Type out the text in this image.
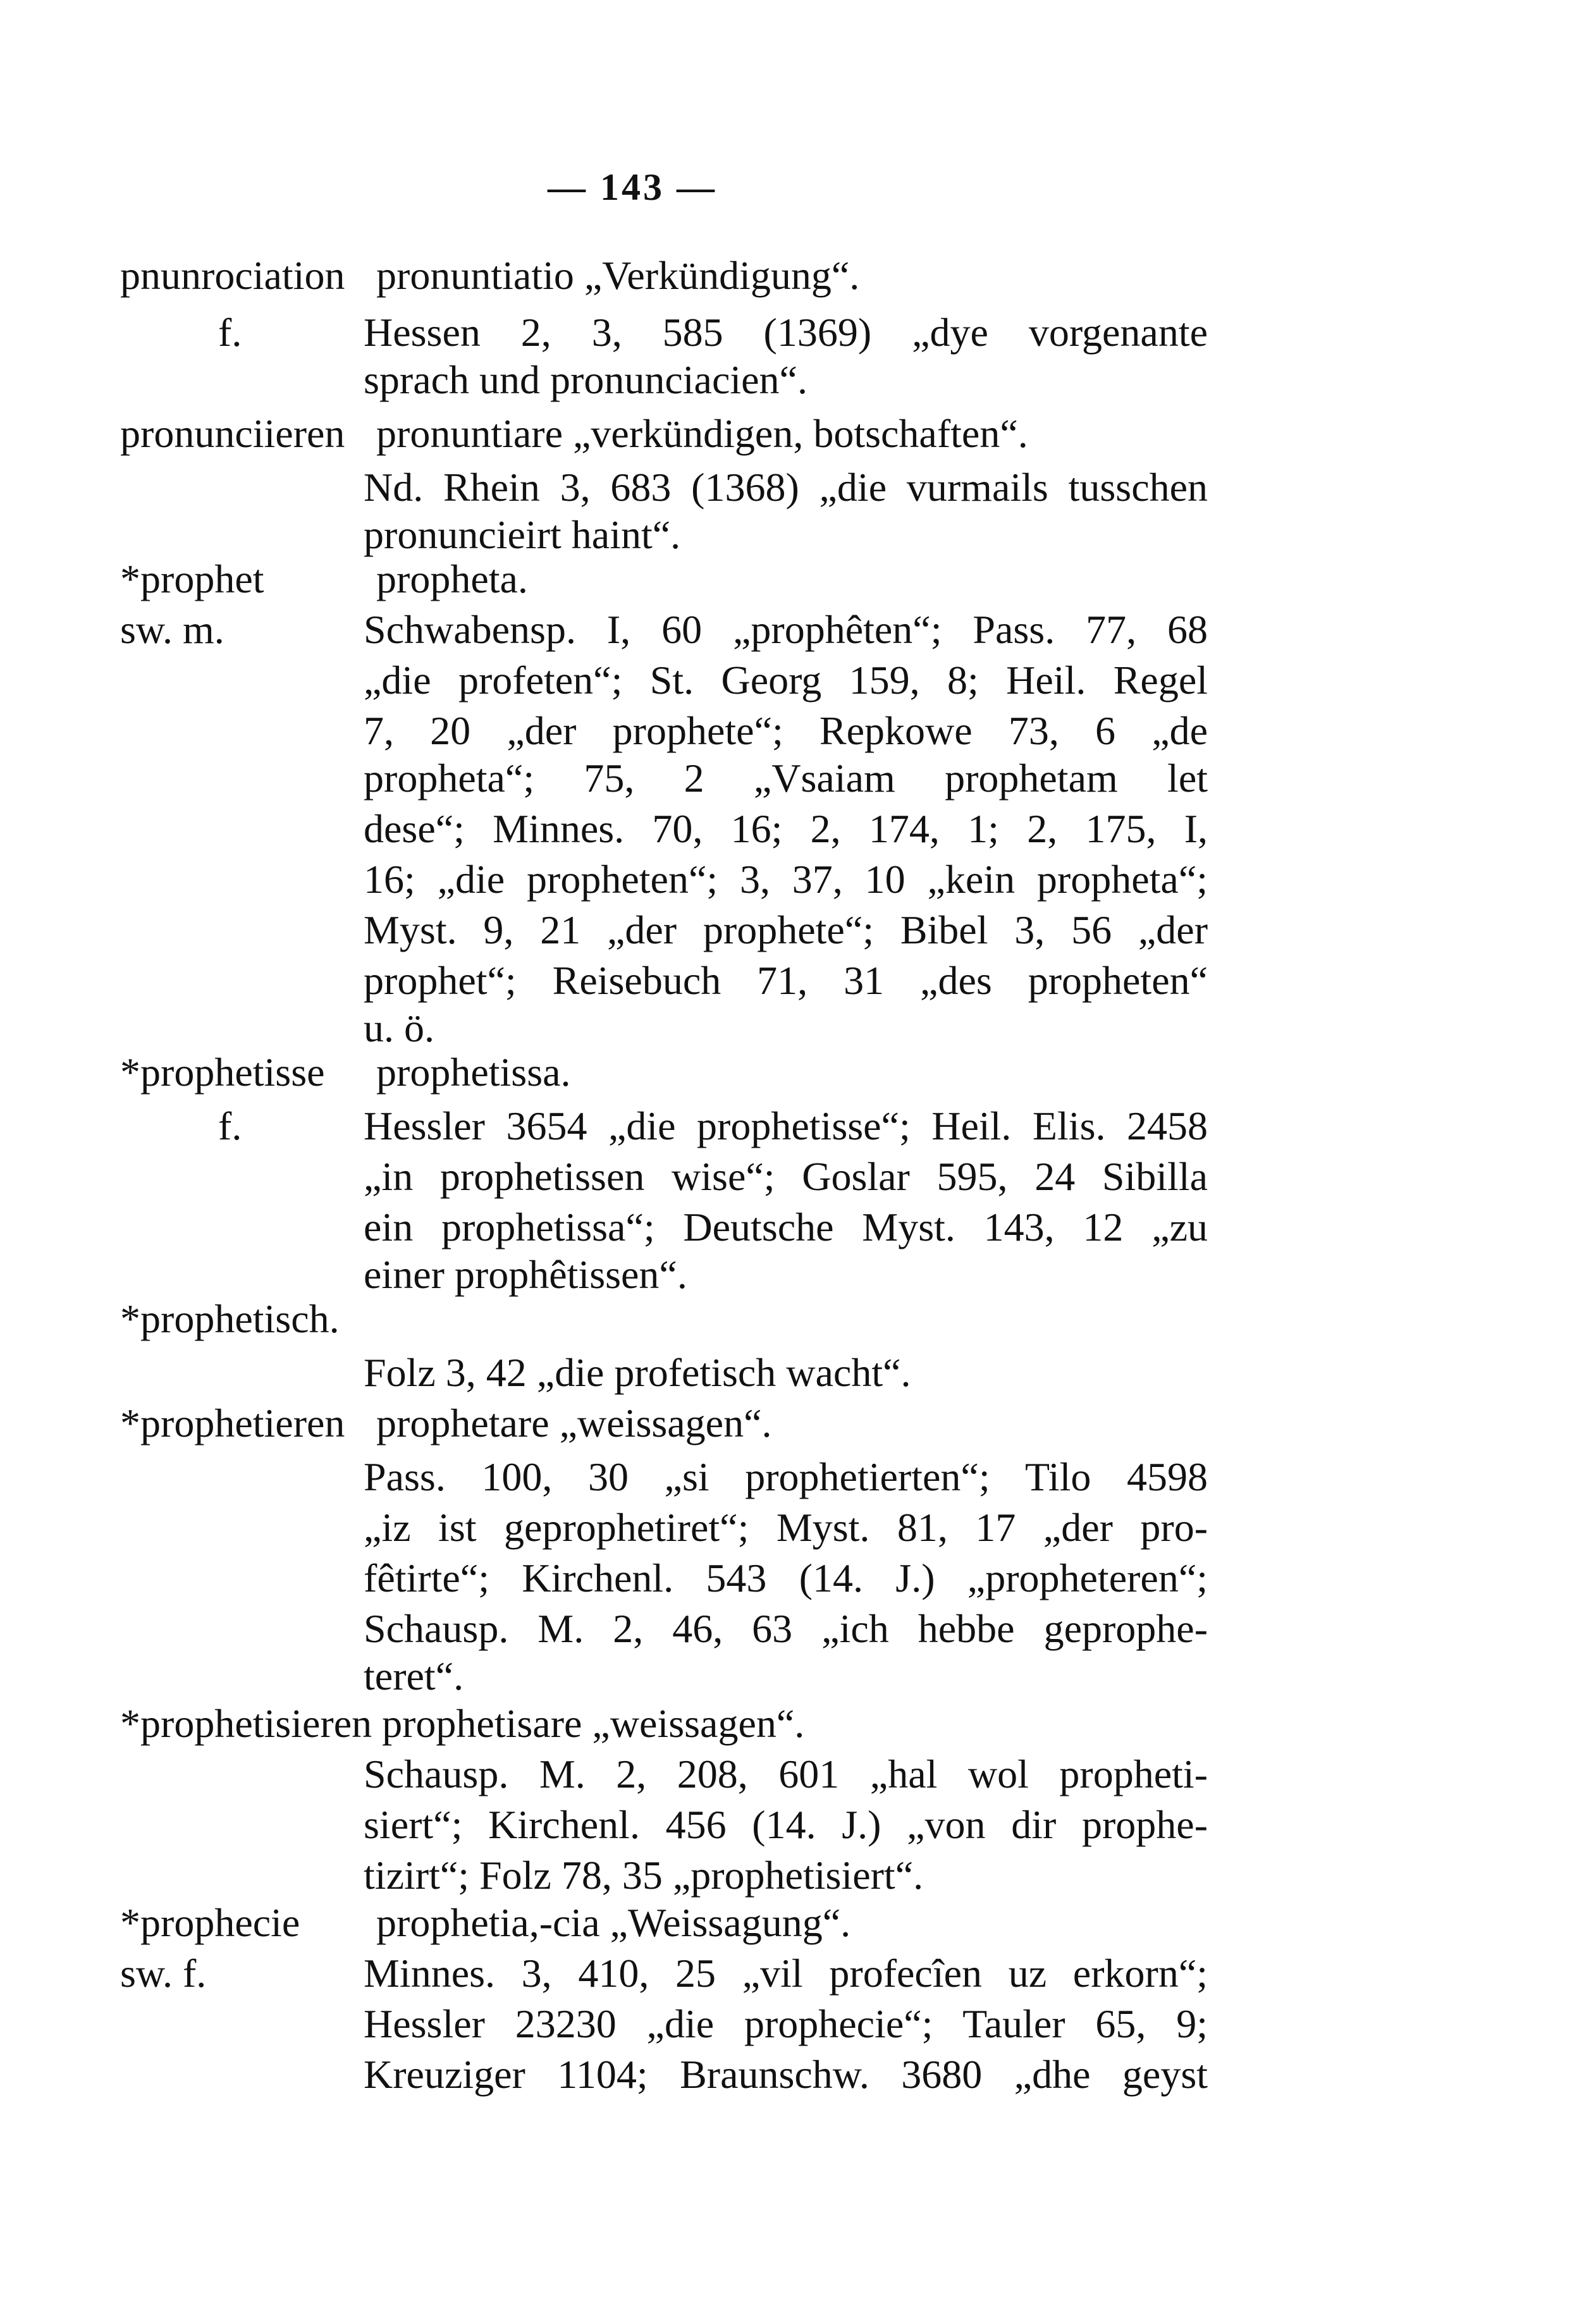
— 143 —
pnunrociation pronuntiatio „Verkündigung“.
f.	Hessen 2, 3, 585 (1369) „dye vorgenante
sprach und pronunciacien“.
pronunciieren pronuntiare „verkündigen, botschaften“.
Nd. Rhein 3, 683 (1368) „die vurmails tusschen
pronuncieirt haint“.
*prophet	propheta.
sw. m.	Schwabensp. I, 60 „prophêten“; Pass. 77, 68
„die profeten“; St. Georg 159, 8; Heil. Regel
7, 20 „der prophete“; Repkowe 73, 6 „de
propheta“; 75, 2 „Vsaiam prophetam let
dese“; Minnes. 70, 16; 2, 174, 1; 2, 175, I,
16; „die propheten“; 3, 37, 10 „kein propheta“;
Myst. 9, 21 „der prophete“; Bibel 3, 56 „der
prophet“; Reisebuch 71, 31 „des propheten“
u. ö.
*prophetisse prophetissa.
f.	Hessler 3654 „die prophetisse“; Heil. Elis. 2458
„in prophetissen wise“; Goslar 595, 24 Sibilla
ein prophetissa“; Deutsche Myst. 143, 12 „zu
einer prophêtissen“.
*prophetisch.
Folz 3, 42 „die profetisch wacht“.
*prophetieren prophetare „weissagen“.
Pass. 100, 30 „si prophetierten“; Tilo 4598
„iz ist geprophetiret“; Myst. 81, 17 „der pro-
fêtirte“; Kirchenl. 543 (14. J.) „propheteren“;
Schausp. M. 2, 46, 63 „ich hebbe geprophe-
teret“.
*prophetisieren prophetisare „weissagen“.
Schausp. M. 2, 208, 601 „hal wol propheti-
siert“; Kirchenl. 456 (14. J.) „von dir prophe-
tizirt“; Folz 78, 35 „prophetisiert“.
*prophecie prophetia,-cia „Weissagung“.
sw. f.	Minnes. 3, 410, 25 „vil profecîen uz erkorn“;
Hessler 23230 „die prophecie“; Tauler 65, 9;
Kreuziger 1104; Braunschw. 3680 „dhe geyst
